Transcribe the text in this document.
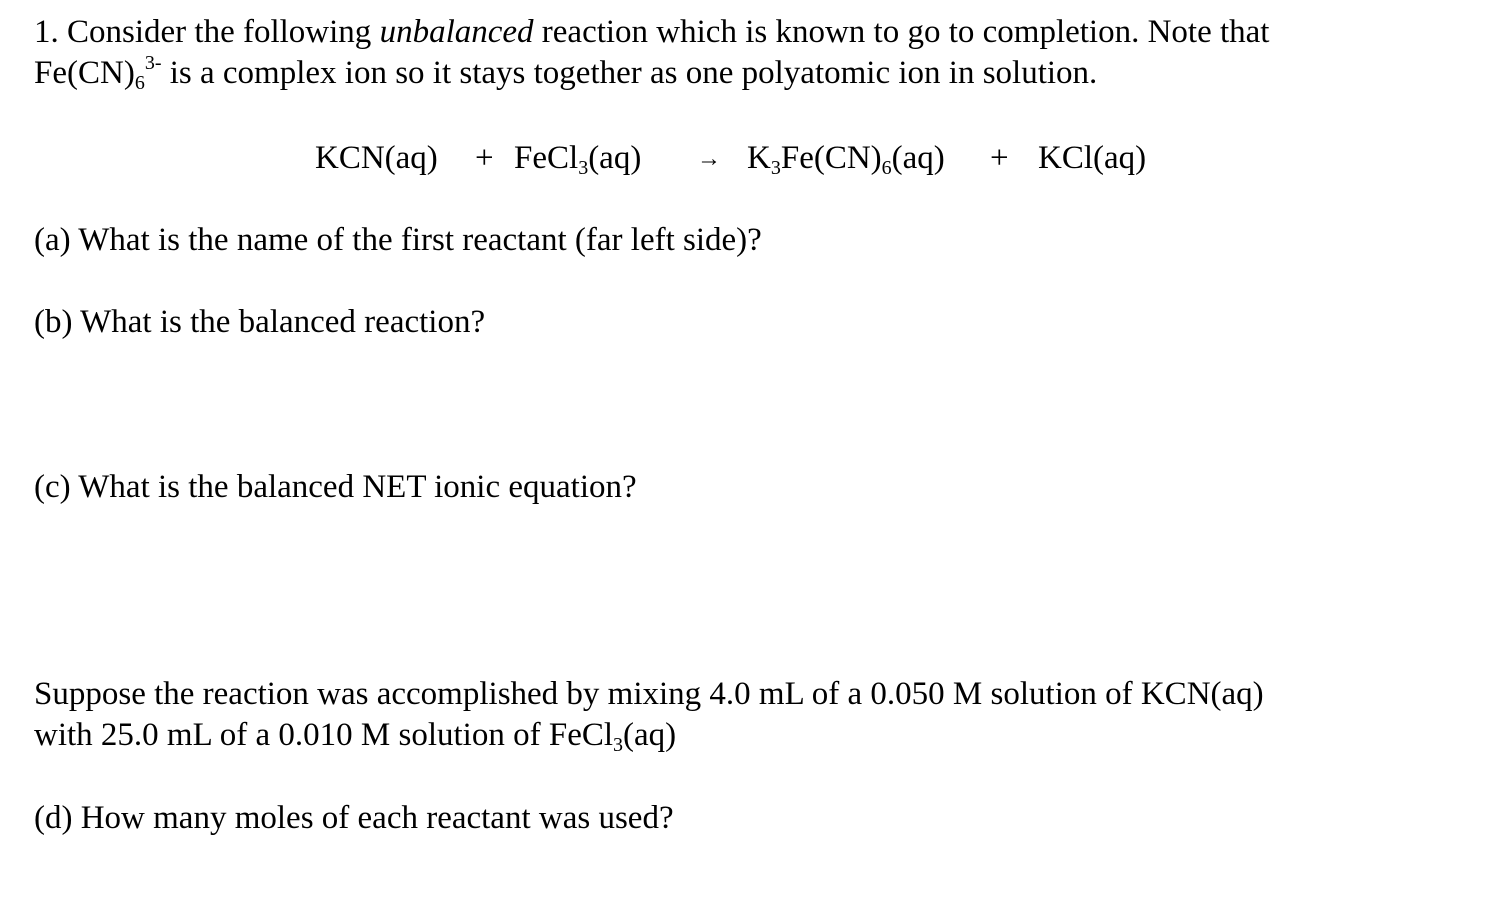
1. Consider the following unbalanced reaction which is known to go to completion. Note that
$Fe(CN)6^{3-}$ is a complex ion so it stays together as one polyatomic ion in solution.
KCN(aq) + FeCl3(aq) → K3Fe(CN)6(aq) + KCl(aq)
(a) What is the name of the first reactant (far left side)?
(b) What is the balanced reaction?
(c) What is the balanced NET ionic equation?
Suppose the reaction was accomplished by mixing 4.0 mL of a 0.050 M solution of KCN(aq)
with 25.0 mL of a 0.010 M solution of FeCl3(aq)
(d) How many moles of each reactant was used?
